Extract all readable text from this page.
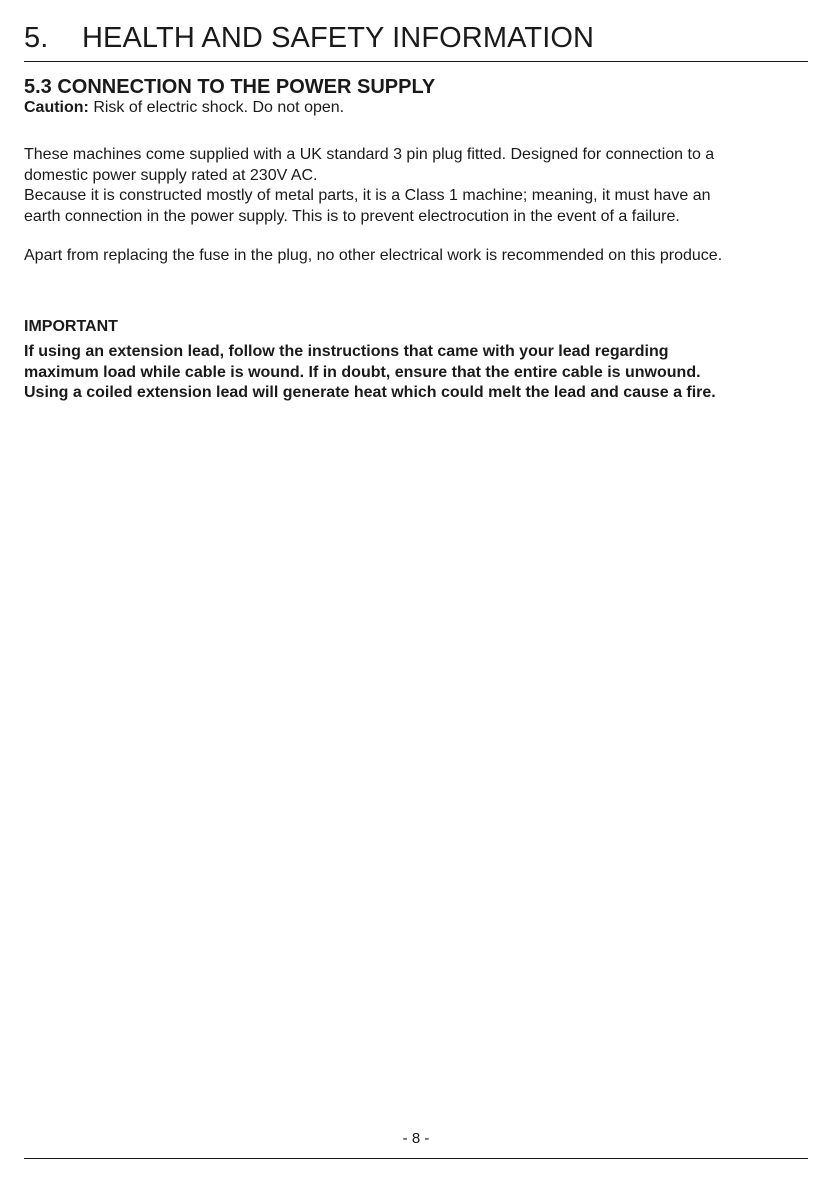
5. HEALTH AND SAFETY INFORMATION
5.3 CONNECTION TO THE POWER SUPPLY

Caution: Risk of electric shock. Do not open.

These machines come supplied with a UK standard 3 pin plug fitted. Designed for connection to a
domestic power supply rated at 230V AC.
Because it is constructed mostly of metal parts, it is a Class 1 machine; meaning, it must have an
earth connection in the power supply. This is to prevent electrocution in the event of a failure.

Apart from replacing the fuse in the plug, no other electrical work is recommended on this produce.

IMPORTANT

If using an extension lead, follow the instructions that came with your lead regarding
maximum load while cable is wound. If in doubt, ensure that the entire cable is unwound.
Using a coiled extension lead will generate heat which could melt the lead and cause a fire.

- 8 -
